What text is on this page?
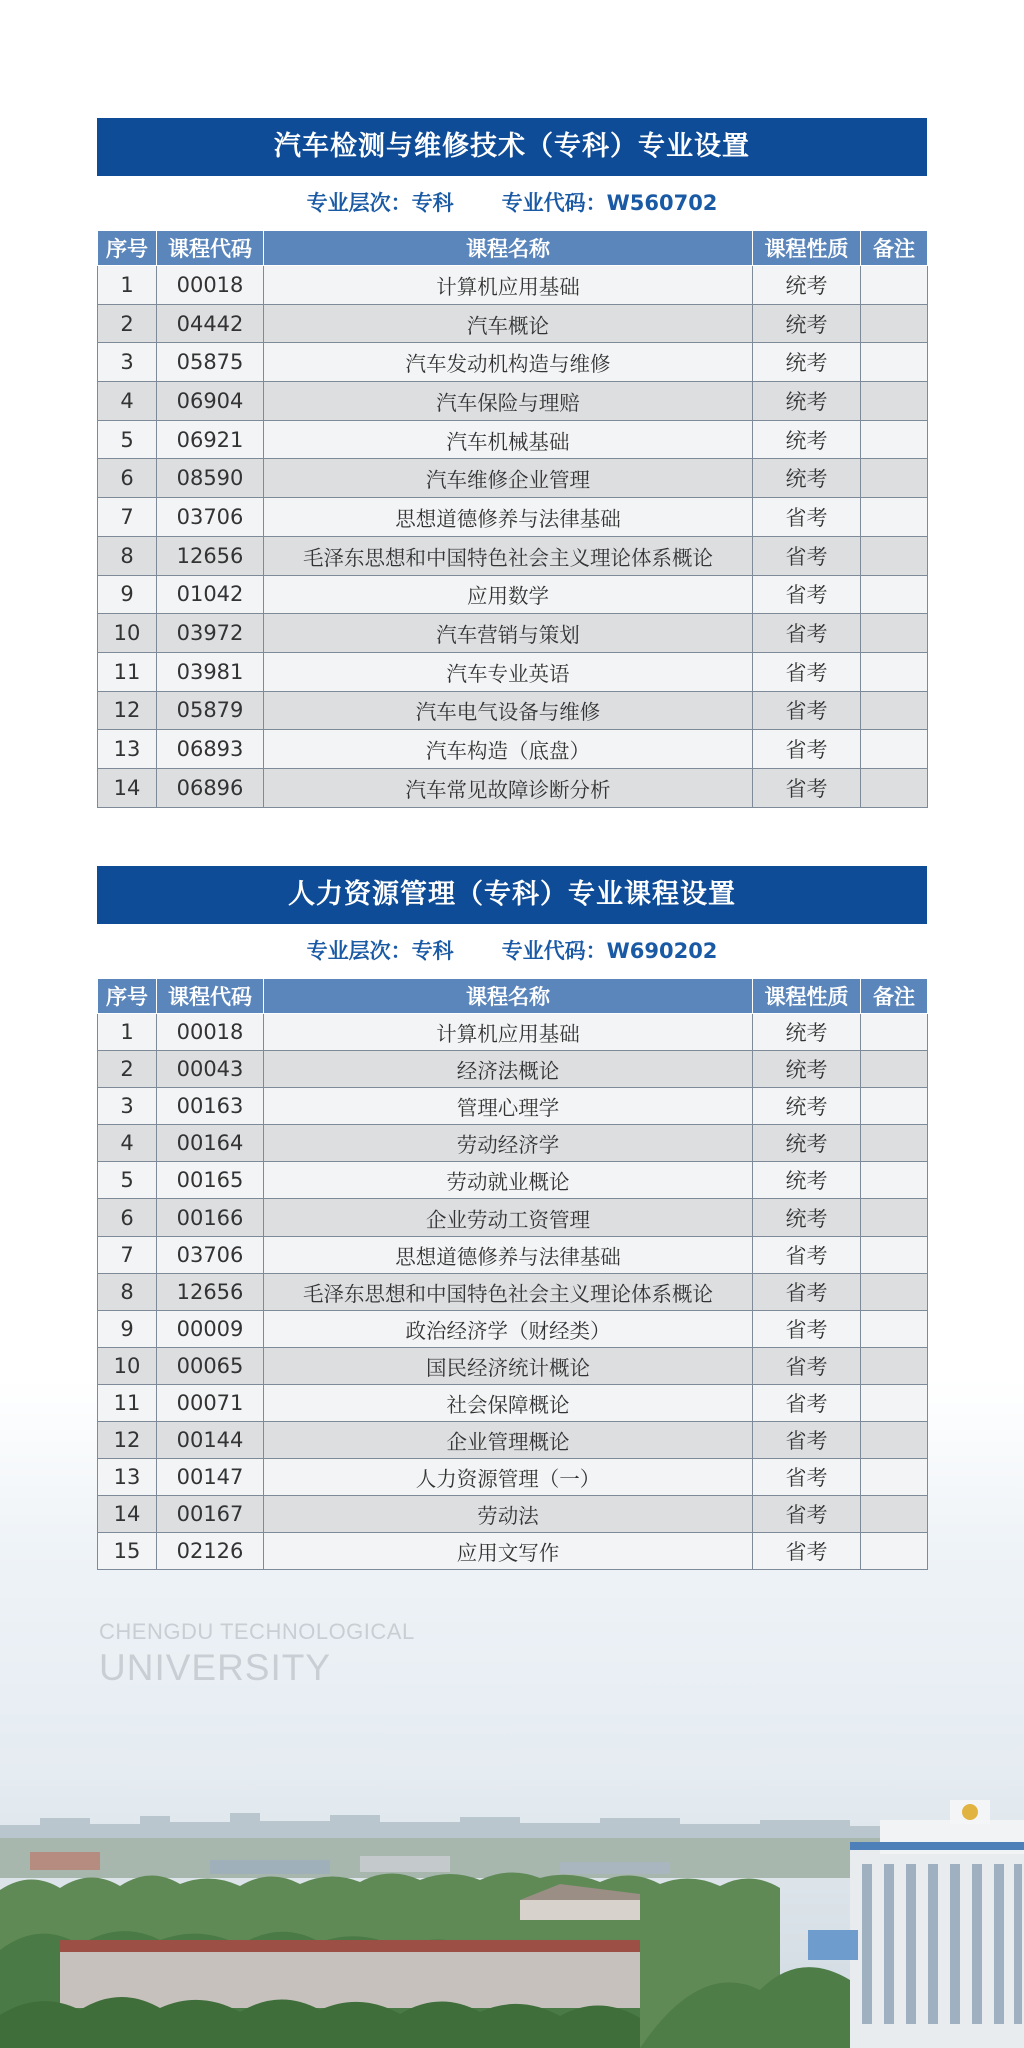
汽车检测与维修技术（专科）专业设置
专业层次：专科 专业代码：W560702
序号	课程代码	课程名称	课程性质	备注
1	00018	计算机应用基础	统考	
2	04442	汽车概论	统考	
3	05875	汽车发动机构造与维修	统考	
4	06904	汽车保险与理赔	统考	
5	06921	汽车机械基础	统考	
6	08590	汽车维修企业管理	统考	
7	03706	思想道德修养与法律基础	省考	
8	12656	毛泽东思想和中国特色社会主义理论体系概论	省考	
9	01042	应用数学	省考	
10	03972	汽车营销与策划	省考	
11	03981	汽车专业英语	省考	
12	05879	汽车电气设备与维修	省考	
13	06893	汽车构造（底盘）	省考	
14	06896	汽车常见故障诊断分析	省考	
人力资源管理（专科）专业课程设置
专业层次：专科 专业代码：W690202
序号	课程代码	课程名称	课程性质	备注
1	00018	计算机应用基础	统考	
2	00043	经济法概论	统考	
3	00163	管理心理学	统考	
4	00164	劳动经济学	统考	
5	00165	劳动就业概论	统考	
6	00166	企业劳动工资管理	统考	
7	03706	思想道德修养与法律基础	省考	
8	12656	毛泽东思想和中国特色社会主义理论体系概论	省考	
9	00009	政治经济学（财经类）	省考	
10	00065	国民经济统计概论	省考	
11	00071	社会保障概论	省考	
12	00144	企业管理概论	省考	
13	00147	人力资源管理（一）	省考	
14	00167	劳动法	省考	
15	02126	应用文写作	省考	
CHENGDU TECHNOLOGICAL
UNIVERSITY
